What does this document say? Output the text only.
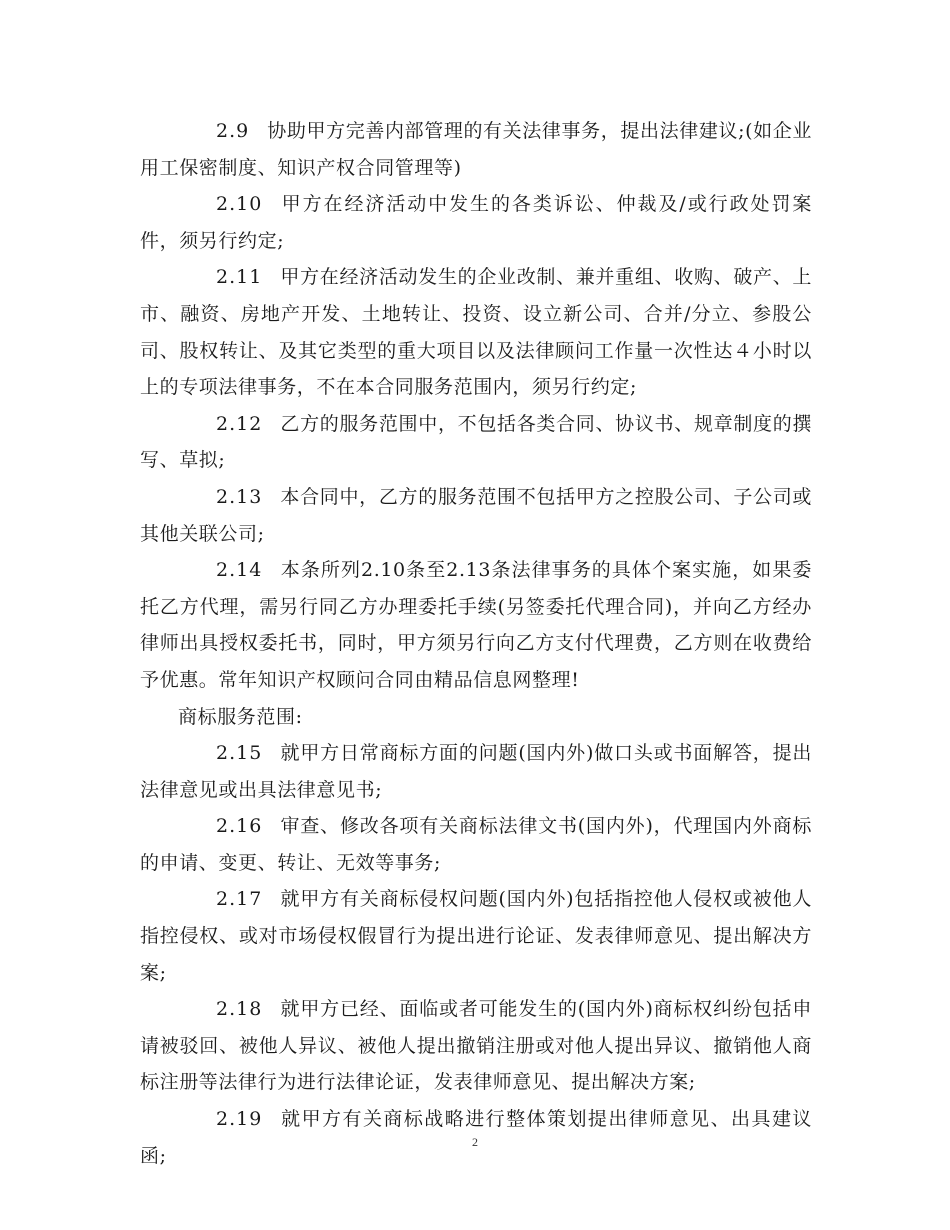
2.9 协助甲方完善内部管理的有关法律事务，提出法律建议;(如企业用工保密制度、知识产权合同管理等)

2.10 甲方在经济活动中发生的各类诉讼、仲裁及/或行政处罚案件，须另行约定;

2.11 甲方在经济活动发生的企业改制、兼并重组、收购、破产、上市、融资、房地产开发、土地转让、投资、设立新公司、合并/分立、参股公司、股权转让、及其它类型的重大项目以及法律顾问工作量一次性达４小时以上的专项法律事务，不在本合同服务范围内，须另行约定;

2.12 乙方的服务范围中，不包括各类合同、协议书、规章制度的撰写、草拟;

2.13 本合同中，乙方的服务范围不包括甲方之控股公司、子公司或其他关联公司;

2.14 本条所列2.10条至2.13条法律事务的具体个案实施，如果委托乙方代理，需另行同乙方办理委托手续(另签委托代理合同)，并向乙方经办律师出具授权委托书，同时，甲方须另行向乙方支付代理费，乙方则在收费给予优惠。常年知识产权顾问合同由精品信息网整理!

商标服务范围:

2.15 就甲方日常商标方面的问题(国内外)做口头或书面解答，提出法律意见或出具法律意见书;

2.16 审查、修改各项有关商标法律文书(国内外)，代理国内外商标的申请、变更、转让、无效等事务;

2.17 就甲方有关商标侵权问题(国内外)包括指控他人侵权或被他人指控侵权、或对市场侵权假冒行为提出进行论证、发表律师意见、提出解决方案;

2.18 就甲方已经、面临或者可能发生的(国内外)商标权纠纷包括申请被驳回、被他人异议、被他人提出撤销注册或对他人提出异议、撤销他人商标注册等法律行为进行法律论证，发表律师意见、提出解决方案;

2.19 就甲方有关商标战略进行整体策划提出律师意见、出具建议函;

2
